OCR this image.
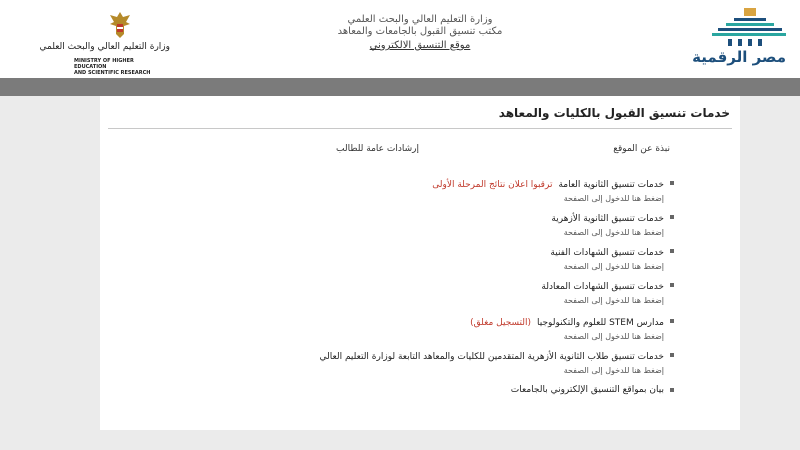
مصر الرقمية
وزارة التعليم العالي والبحث العلمي
مكتب تنسيق القبول بالجامعات والمعاهد
موقع التنسيق الالكتروني
وزارة التعليم العالي والبحث العلمي
MINISTRY OF HIGHER EDUCATION
AND SCIENTIFIC RESEARCH
خدمات تنسيق القبول بالكليات والمعاهد
نبذة عن الموقع
إرشادات عامة للطالب
خدمات تنسيق الثانوية العامةترقبوا اعلان نتائج المرحلة الأولى
إضغط هنا للدخول إلى الصفحة
خدمات تنسيق الثانوية الأزهرية
إضغط هنا للدخول إلى الصفحة
خدمات تنسيق الشهادات الفنية
إضغط هنا للدخول إلى الصفحة
خدمات تنسيق الشهادات المعادلة
إضغط هنا للدخول إلى الصفحة
مدارس STEM للعلوم والتكنولوجيا(التسجيل مغلق)
إضغط هنا للدخول إلى الصفحة
خدمات تنسيق طلاب الثانوية الأزهرية المتقدمين للكليات والمعاهد التابعة لوزارة التعليم العالي
إضغط هنا للدخول إلى الصفحة
بيان بمواقع التنسيق الإلكتروني بالجامعات
